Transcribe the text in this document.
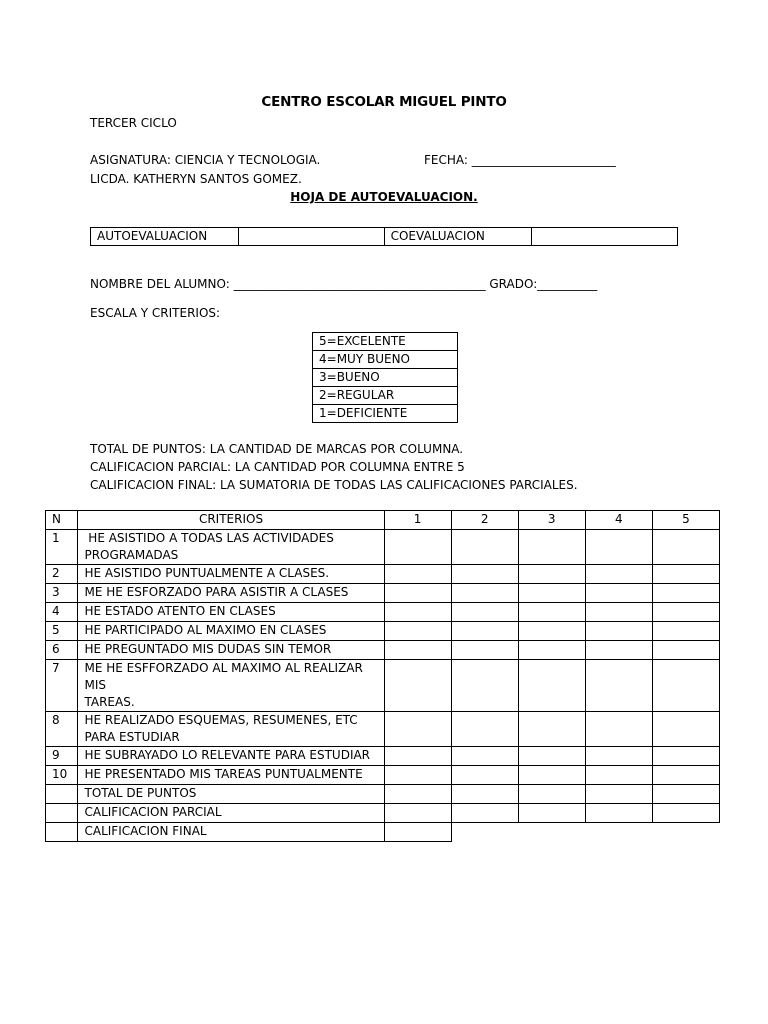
CENTRO ESCOLAR MIGUEL PINTO
TERCER CICLO
ASIGNATURA: CIENCIA Y TECNOLOGIA.	FECHA: ________________________
LICDA. KATHERYN SANTOS GOMEZ.
HOJA DE AUTOEVALUACION.
AUTOEVALUACION		COEVALUACION	
NOMBRE DEL ALUMNO: __________________________________________ GRADO:__________
ESCALA Y CRITERIOS:
5=EXCELENTE
4=MUY BUENO
3=BUENO
2=REGULAR
1=DEFICIENTE
TOTAL DE PUNTOS: LA CANTIDAD DE MARCAS POR COLUMNA.
CALIFICACION PARCIAL: LA CANTIDAD POR COLUMNA ENTRE 5
CALIFICACION FINAL: LA SUMATORIA DE TODAS LAS CALIFICACIONES PARCIALES.
N	CRITERIOS	1	2	3	4	5
1	HE ASISTIDO A TODAS LAS ACTIVIDADES
PROGRAMADAS					

2	HE ASISTIDO PUNTUALMENTE A CLASES.					
3	ME HE ESFORZADO PARA ASISTIR A CLASES					
4	HE ESTADO ATENTO EN CLASES					
5	HE PARTICIPADO AL MAXIMO EN CLASES					
6	HE PREGUNTADO MIS DUDAS SIN TEMOR					
7	ME HE ESFFORZADO AL MAXIMO AL REALIZAR MIS
TAREAS.					

8	HE REALIZADO ESQUEMAS, RESUMENES, ETC
PARA ESTUDIAR					

9	HE SUBRAYADO LO RELEVANTE PARA ESTUDIAR					
10	HE PRESENTADO MIS TAREAS PUNTUALMENTE					
	TOTAL DE PUNTOS					
	CALIFICACION PARCIAL					
	CALIFICACION FINAL					
